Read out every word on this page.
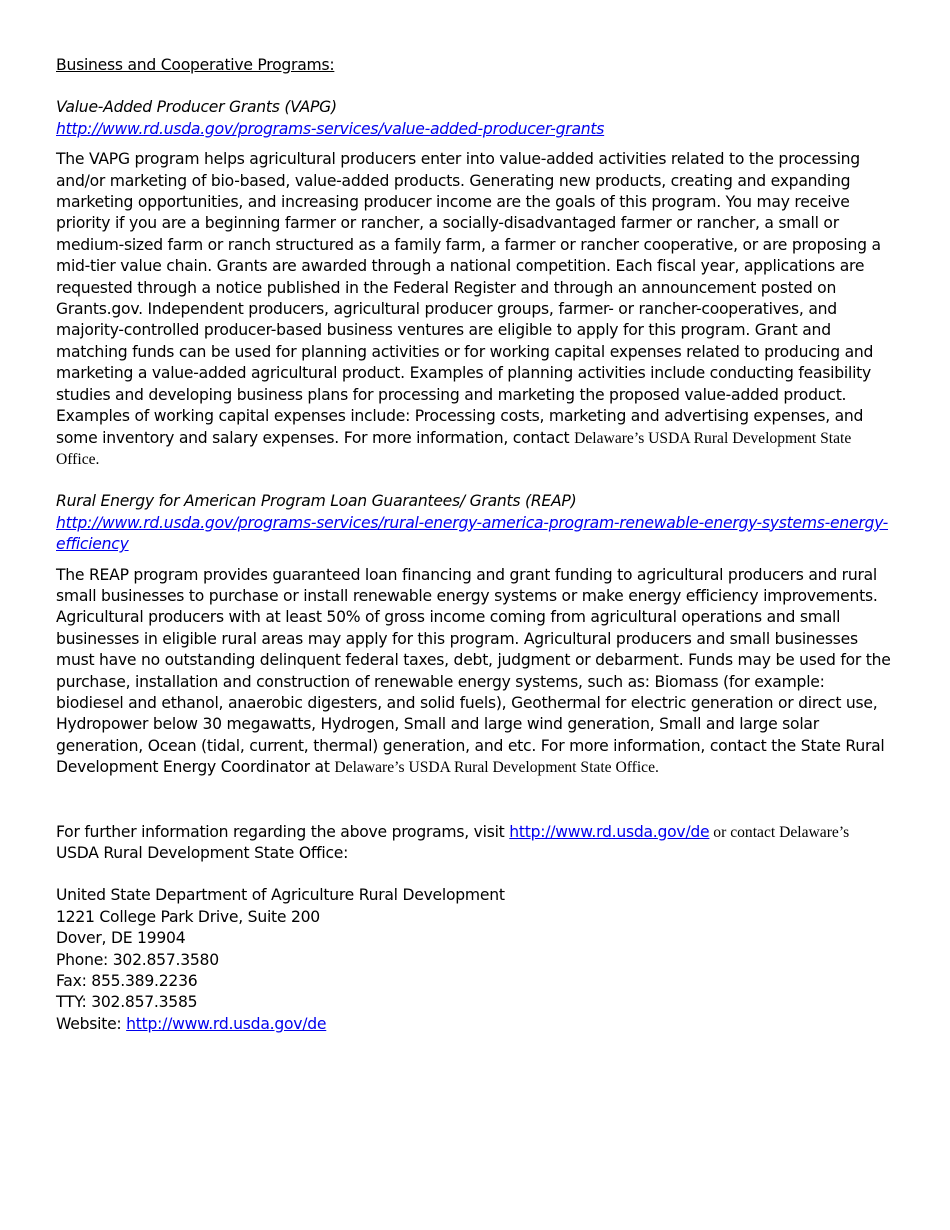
Business and Cooperative Programs:
Value-Added Producer Grants (VAPG)
http://www.rd.usda.gov/programs-services/value-added-producer-grants
The VAPG program helps agricultural producers enter into value-added activities related to the processing and/or marketing of bio-based, value-added products. Generating new products, creating and expanding marketing opportunities, and increasing producer income are the goals of this program. You may receive priority if you are a beginning farmer or rancher, a socially-disadvantaged farmer or rancher, a small or medium-sized farm or ranch structured as a family farm, a farmer or rancher cooperative, or are proposing a mid-tier value chain. Grants are awarded through a national competition. Each fiscal year, applications are requested through a notice published in the Federal Register and through an announcement posted on Grants.gov. Independent producers, agricultural producer groups, farmer- or rancher-cooperatives, and majority-controlled producer-based business ventures are eligible to apply for this program. Grant and matching funds can be used for planning activities or for working capital expenses related to producing and marketing a value-added agricultural product. Examples of planning activities include conducting feasibility studies and developing business plans for processing and marketing the proposed value-added product. Examples of working capital expenses include: Processing costs, marketing and advertising expenses, and some inventory and salary expenses. For more information, contact Delaware’s USDA Rural Development State Office.
Rural Energy for American Program Loan Guarantees/ Grants (REAP)
http://www.rd.usda.gov/programs-services/rural-energy-america-program-renewable-energy-systems-energy-efficiency
The REAP program provides guaranteed loan financing and grant funding to agricultural producers and rural small businesses to purchase or install renewable energy systems or make energy efficiency improvements. Agricultural producers with at least 50% of gross income coming from agricultural operations and small businesses in eligible rural areas may apply for this program. Agricultural producers and small businesses must have no outstanding delinquent federal taxes, debt, judgment or debarment. Funds may be used for the purchase, installation and construction of renewable energy systems, such as: Biomass (for example: biodiesel and ethanol, anaerobic digesters, and solid fuels), Geothermal for electric generation or direct use, Hydropower below 30 megawatts, Hydrogen, Small and large wind generation, Small and large solar generation, Ocean (tidal, current, thermal) generation, and etc. For more information, contact the State Rural Development Energy Coordinator at Delaware’s USDA Rural Development State Office.
For further information regarding the above programs, visit http://www.rd.usda.gov/de or contact Delaware’s
USDA Rural Development State Office:
United State Department of Agriculture Rural Development
1221 College Park Drive, Suite 200
Dover, DE 19904
Phone: 302.857.3580
Fax: 855.389.2236
TTY: 302.857.3585
Website: http://www.rd.usda.gov/de
